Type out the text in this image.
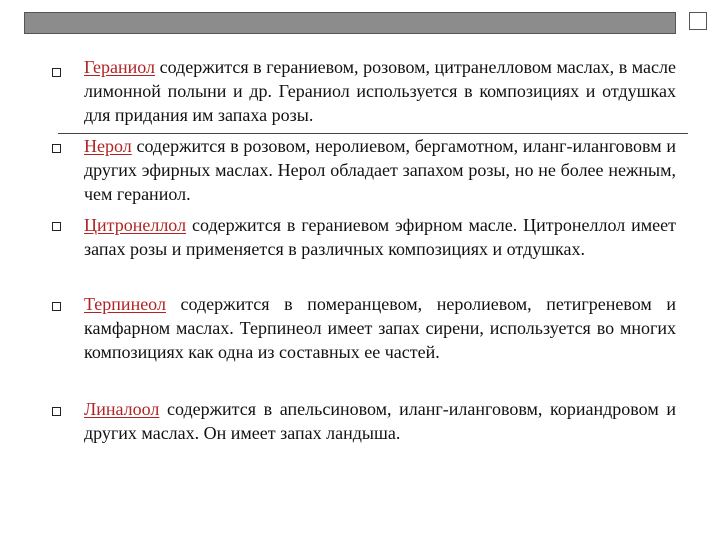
Гераниол содержится в гераниевом, розовом, цитранелловом маслах, в масле лимонной полыни и др. Гераниол используется в композициях и отдушках для придания им запаха розы.
Нерол содержится в розовом, неролиевом, бергамотном, иланг-илангововм и других эфирных маслах. Нерол обладает запахом розы, но не более нежным, чем гераниол.
Цитронеллол содержится в гераниевом эфирном масле. Цитронеллол имеет запах розы и применяется в различных композициях и отдушках.
Терпинеол содержится в померанцевом, неролиевом, петигреневом и камфарном маслах. Терпинеол имеет запах сирени, используется во многих композициях как одна из составных ее частей.
Линалоол содержится в апельсиновом, иланг-илангововм, кориандровом и других маслах. Он имеет запах ландыша.
